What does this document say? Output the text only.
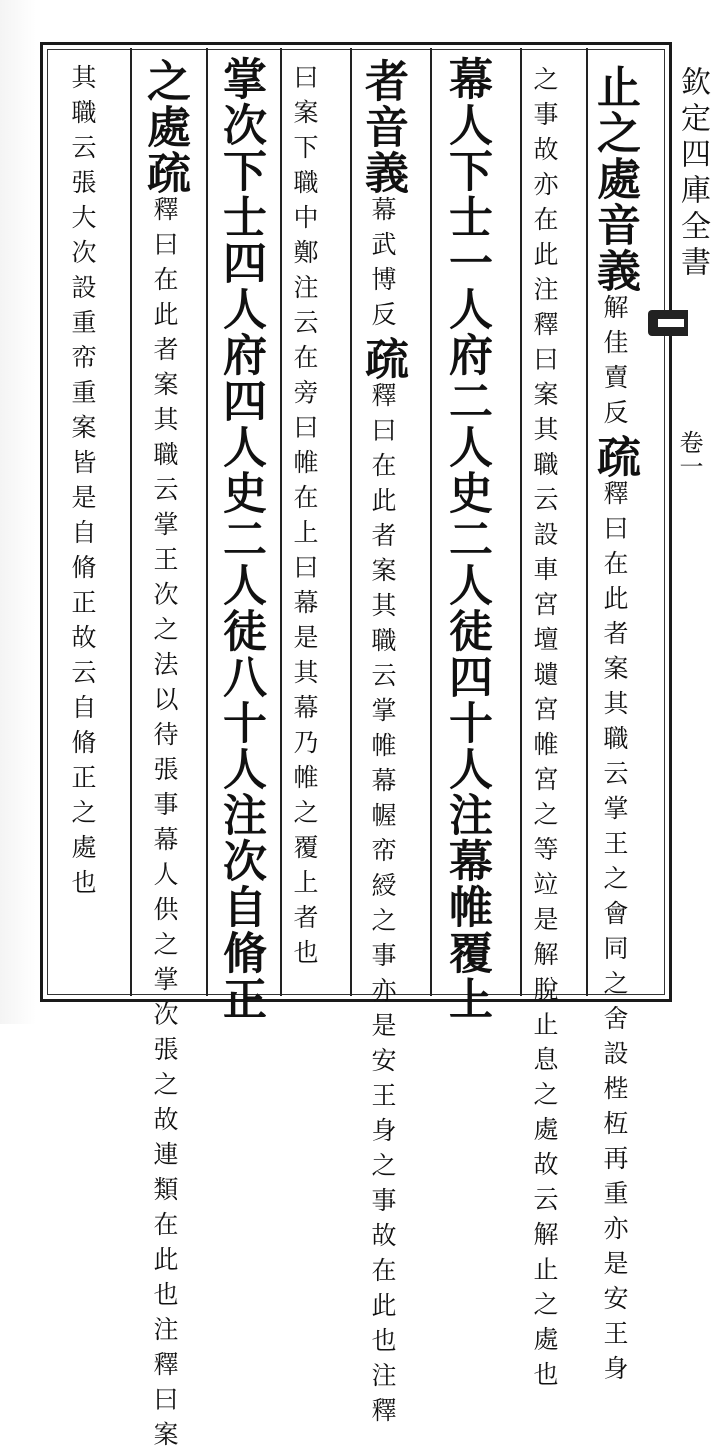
欽定四庫全書
卷一
止之處音義解佳賣反疏釋曰在此者案其職云掌王之會同之舍設梐枑再重亦是安王身
之事故亦在此注釋曰案其職云設車宮壇壝宮帷宮之等竝是解脫止息之處故云解止之處也
幕人下士一人府二人史二人徒四十人注幕帷覆上
者音義幕武博反疏釋曰在此者案其職云掌帷幕幄帟綬之事亦是安王身之事故在此也注釋
曰案下職中鄭注云在旁曰帷在上曰幕是其幕乃帷之覆上者也
掌次下士四人府四人史二人徒八十人注次自脩正
之處疏釋曰在此者案其職云掌王次之法以待張事幕人供之掌次張之故連類在此也注釋曰案
其職云張大次設重帟重案皆是自脩正故云自脩正之處也
